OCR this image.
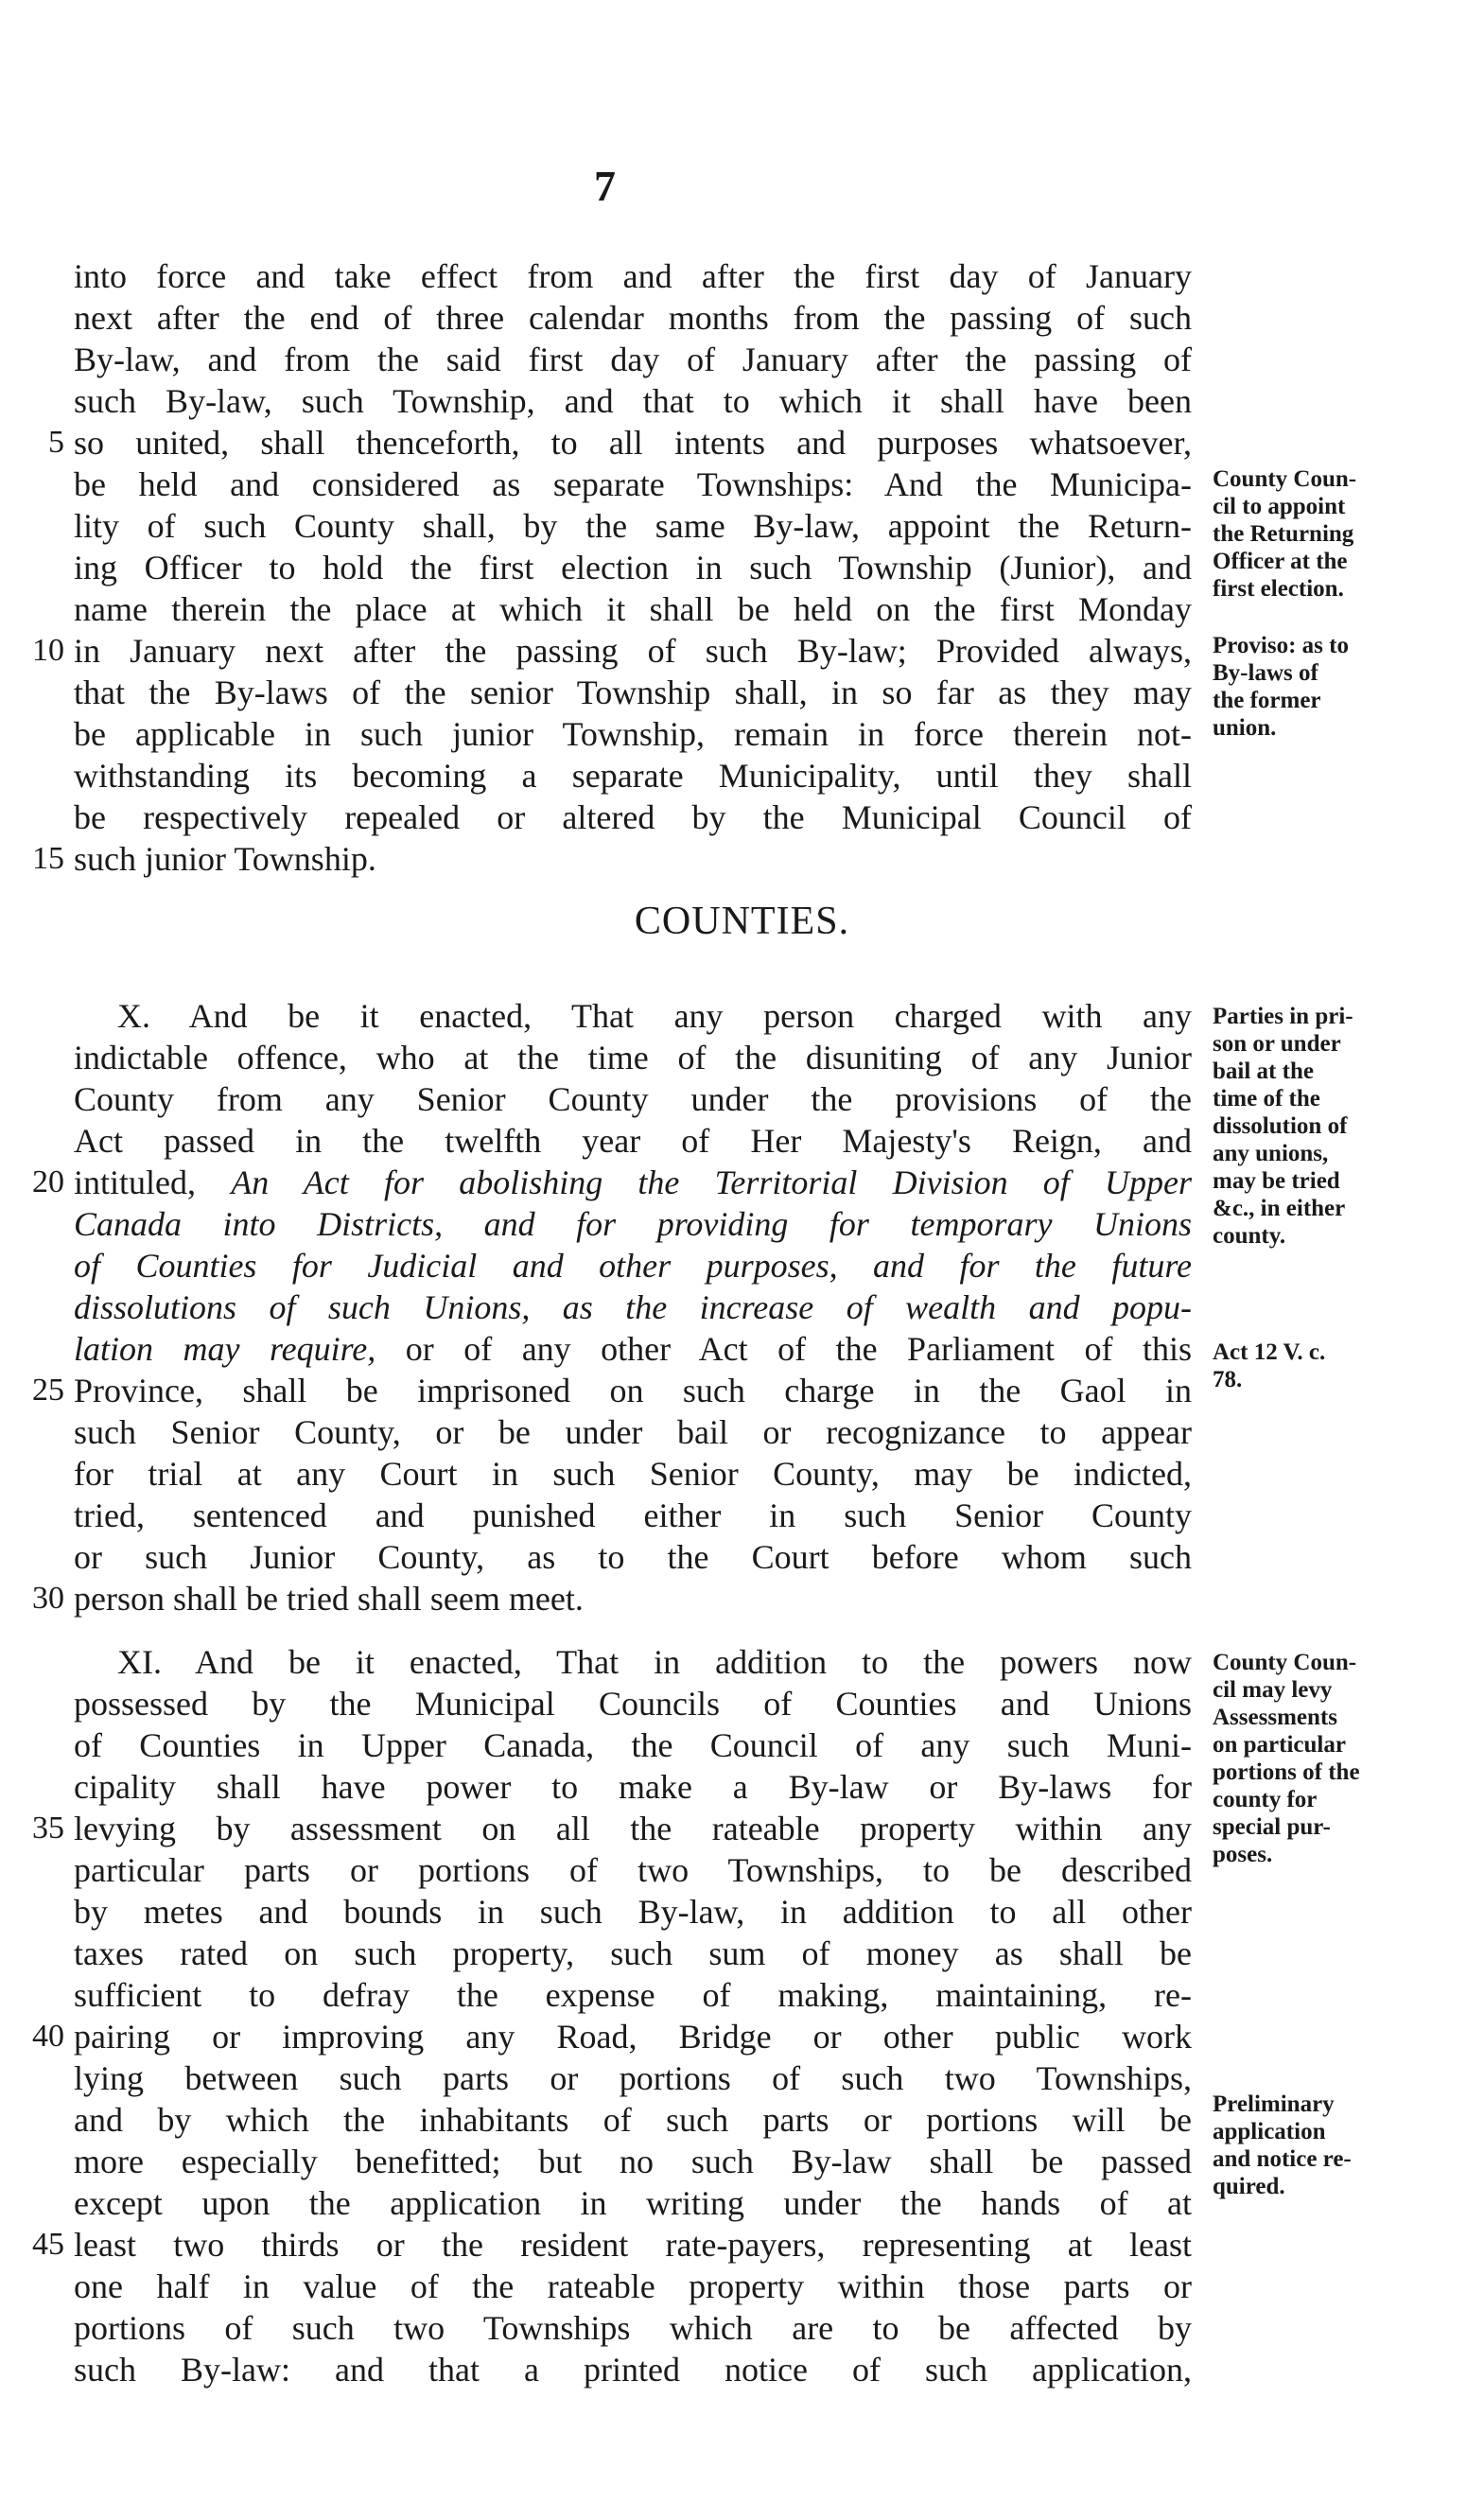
7
COUNTIES.
into force and take effect from and after the first day of January
next after the end of three calendar months from the passing of such
By-law, and from the said first day of January after the passing of
such By-law, such Township, and that to which it shall have been
5 so united, shall thenceforth, to all intents and purposes whatsoever,
be held and considered as separate Townships: And the Municipa-
lity of such County shall, by the same By-law, appoint the Return-
ing Officer to hold the first election in such Township (Junior), and
name therein the place at which it shall be held on the first Monday
10 in January next after the passing of such By-law; Provided always,
that the By-laws of the senior Township shall, in so far as they may
be applicable in such junior Township, remain in force therein not-
withstanding its becoming a separate Municipality, until they shall
be respectively repealed or altered by the Municipal Council of
15 such junior Township.
X. And be it enacted, That any person charged with any
indictable offence, who at the time of the disuniting of any Junior
County from any Senior County under the provisions of the
Act passed in the twelfth year of Her Majesty's Reign, and
20 intituled, An Act for abolishing the Territorial Division of Upper
Canada into Districts, and for providing for temporary Unions
of Counties for Judicial and other purposes, and for the future
dissolutions of such Unions, as the increase of wealth and popu-
lation may require, or of any other Act of the Parliament of this
25 Province, shall be imprisoned on such charge in the Gaol in
such Senior County, or be under bail or recognizance to appear
for trial at any Court in such Senior County, may be indicted,
tried, sentenced and punished either in such Senior County
or such Junior County, as to the Court before whom such
30 person shall be tried shall seem meet.
XI. And be it enacted, That in addition to the powers now
possessed by the Municipal Councils of Counties and Unions
of Counties in Upper Canada, the Council of any such Muni-
cipality shall have power to make a By-law or By-laws for
35 levying by assessment on all the rateable property within any
particular parts or portions of two Townships, to be described
by metes and bounds in such By-law, in addition to all other
taxes rated on such property, such sum of money as shall be
sufficient to defray the expense of making, maintaining, re-
40 pairing or improving any Road, Bridge or other public work
lying between such parts or portions of such two Townships,
and by which the inhabitants of such parts or portions will be
more especially benefitted; but no such By-law shall be passed
except upon the application in writing under the hands of at
45 least two thirds or the resident rate-payers, representing at least
one half in value of the rateable property within those parts or
portions of such two Townships which are to be affected by
such By-law: and that a printed notice of such application,
County Coun-
cil to appoint
the Returning
Officer at the
first election.
Proviso: as to
By-laws of
the former
union.
Parties in pri-
son or under
bail at the
time of the
dissolution of
any unions,
may be tried
&c., in either
county.
Act 12 V. c.
78.
County Coun-
cil may levy
Assessments
on particular
portions of the
county for
special pur-
poses.
Preliminary
application
and notice re-
quired.
